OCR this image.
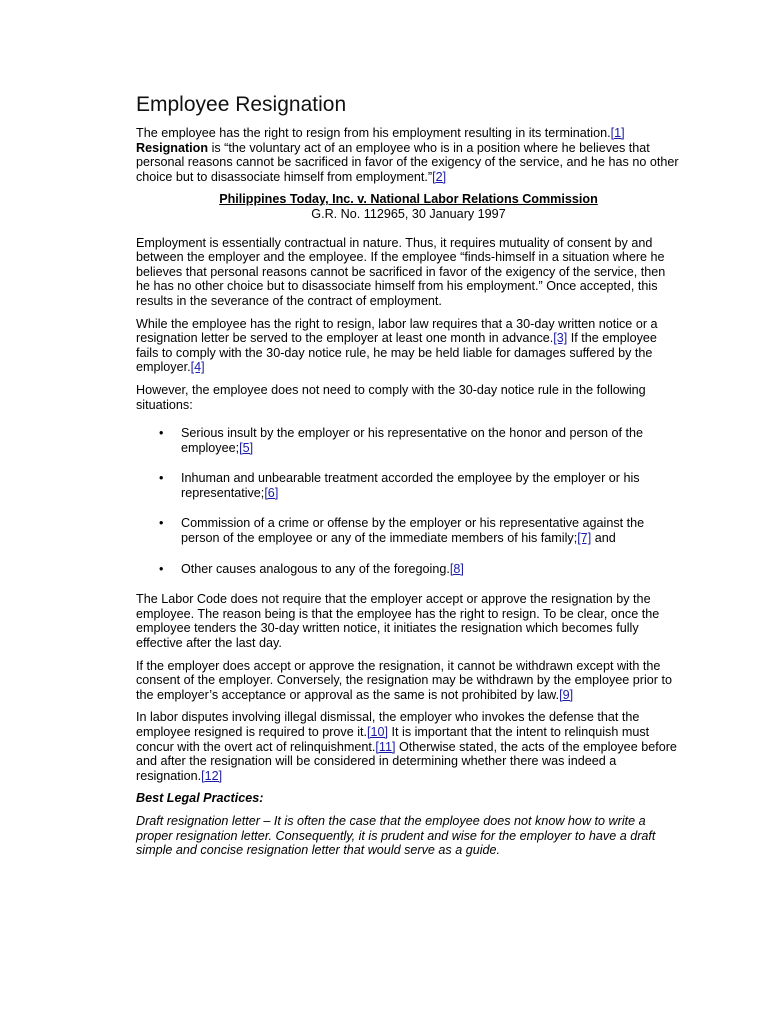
Employee Resignation

The employee has the right to resign from his employment resulting in its termination.[1] Resignation is “the voluntary act of an employee who is in a position where he believes that personal reasons cannot be sacrificed in favor of the exigency of the service, and he has no other choice but to disassociate himself from employment.”[2]

Philippines Today, Inc. v. National Labor Relations Commission
G.R. No. 112965, 30 January 1997

Employment is essentially contractual in nature. Thus, it requires mutuality of consent by and between the employer and the employee. If the employee “finds-himself in a situation where he believes that personal reasons cannot be sacrificed in favor of the exigency of the service, then he has no other choice but to disassociate himself from his employment.” Once accepted, this results in the severance of the contract of employment.

While the employee has the right to resign, labor law requires that a 30-day written notice or a resignation letter be served to the employer at least one month in advance.[3] If the employee fails to comply with the 30-day notice rule, he may be held liable for damages suffered by the employer.[4]

However, the employee does not need to comply with the 30-day notice rule in the following situations:

• Serious insult by the employer or his representative on the honor and person of the employee;[5]
• Inhuman and unbearable treatment accorded the employee by the employer or his representative;[6]
• Commission of a crime or offense by the employer or his representative against the person of the employee or any of the immediate members of his family;[7] and
• Other causes analogous to any of the foregoing.[8]

The Labor Code does not require that the employer accept or approve the resignation by the employee. The reason being is that the employee has the right to resign. To be clear, once the employee tenders the 30-day written notice, it initiates the resignation which becomes fully effective after the last day.

If the employer does accept or approve the resignation, it cannot be withdrawn except with the consent of the employer. Conversely, the resignation may be withdrawn by the employee prior to the employer’s acceptance or approval as the same is not prohibited by law.[9]

In labor disputes involving illegal dismissal, the employer who invokes the defense that the employee resigned is required to prove it.[10] It is important that the intent to relinquish must concur with the overt act of relinquishment.[11] Otherwise stated, the acts of the employee before and after the resignation will be considered in determining whether there was indeed a resignation.[12]

Best Legal Practices:

Draft resignation letter – It is often the case that the employee does not know how to write a proper resignation letter. Consequently, it is prudent and wise for the employer to have a draft simple and concise resignation letter that would serve as a guide.
